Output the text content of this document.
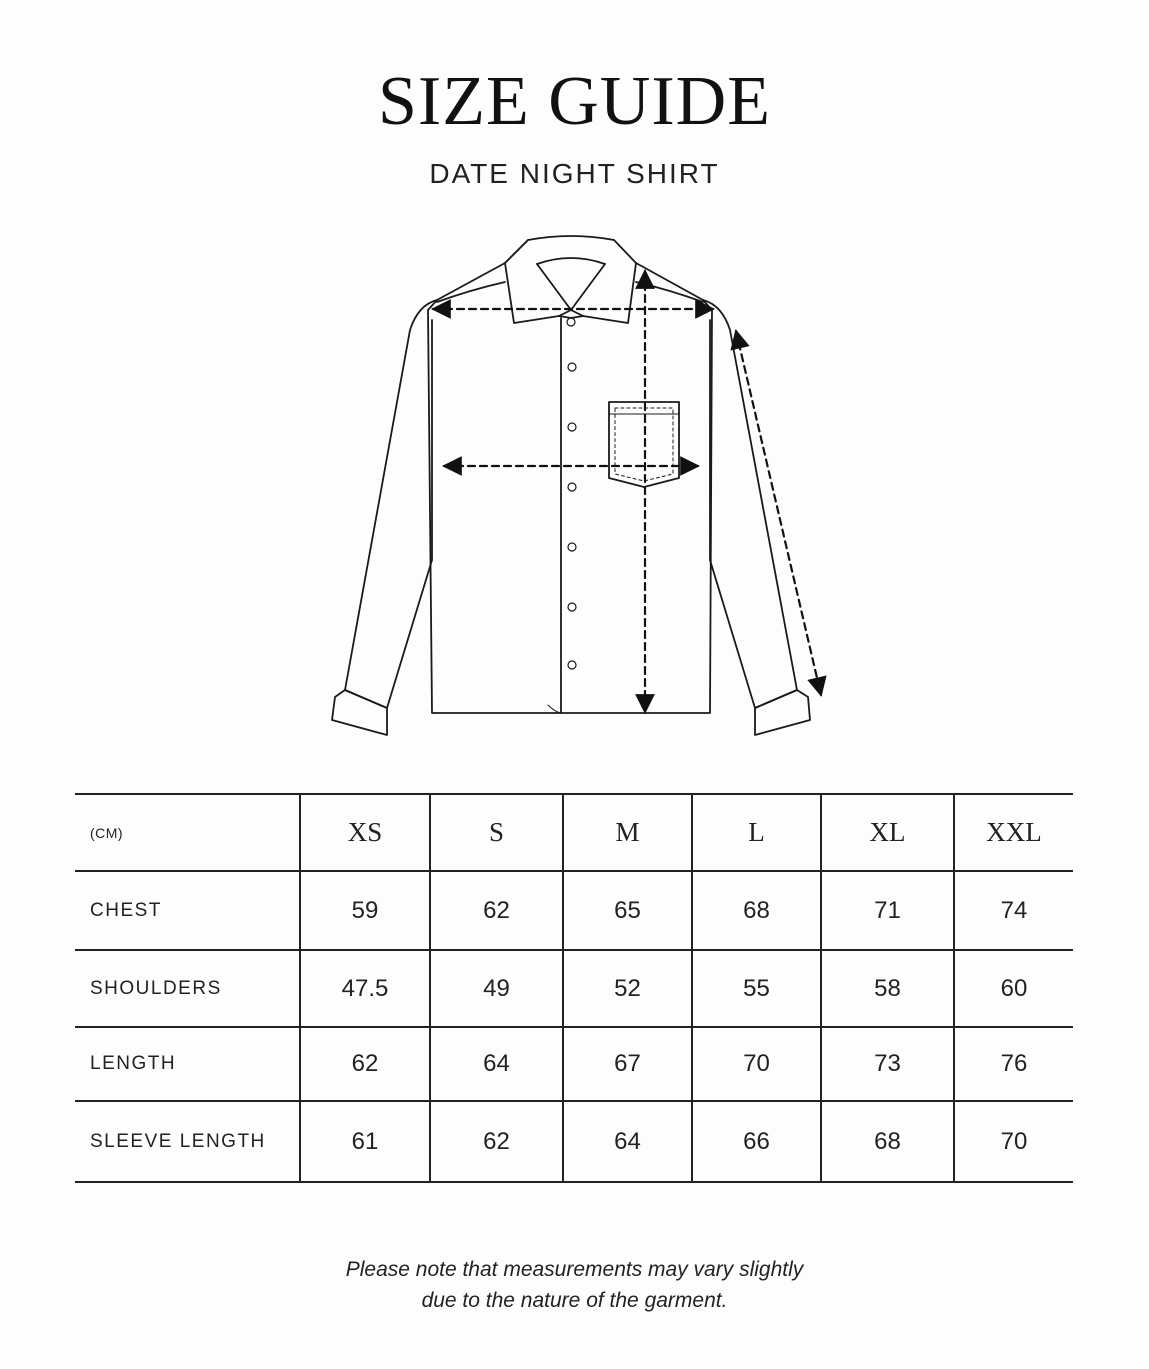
SIZE GUIDE
DATE NIGHT SHIRT
(CM)	XS	S	M	L	XL	XXL
CHEST	59	62	65	68	71	74
SHOULDERS	47.5	49	52	55	58	60
LENGTH	62	64	67	70	73	76
SLEEVE LENGTH	61	62	64	66	68	70
Please note that measurements may vary slightly
due to the nature of the garment.
